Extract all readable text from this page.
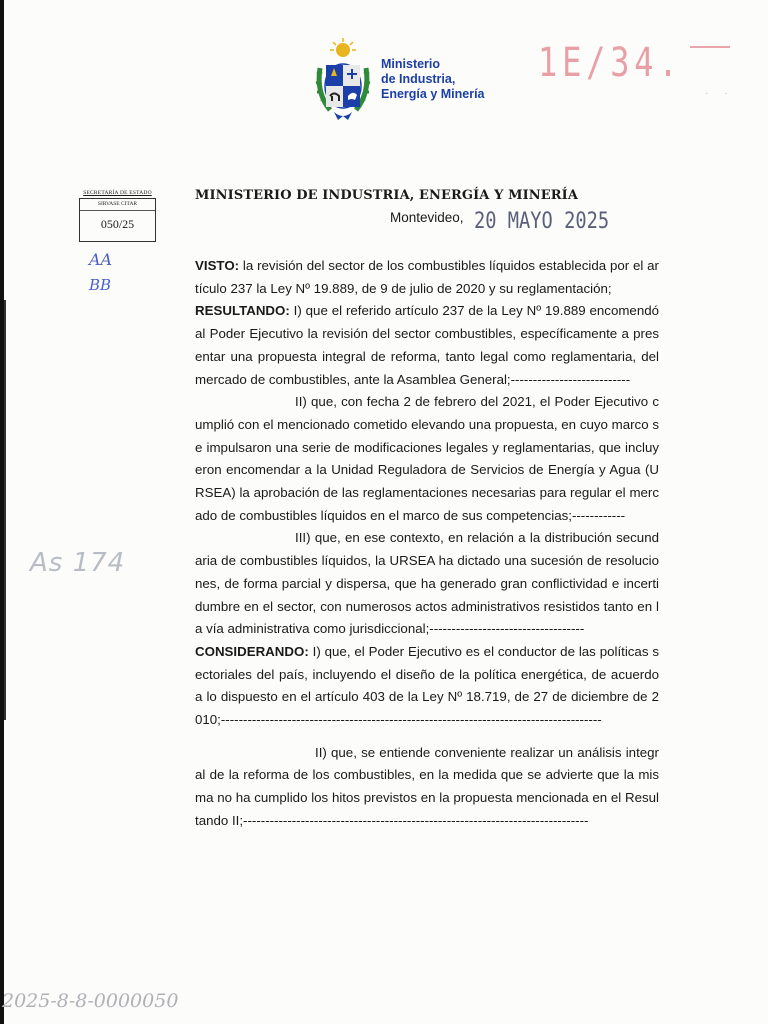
Ministerio
de Industria,
Energía y Minería
1E/34.
··
SECRETARÍA DE ESTADO
SIRVASE CITAR
050/25
AA
BB
As 174
2025-8-8-0000050
MINISTERIO DE INDUSTRIA, ENERGÍA Y MINERÍA
Montevideo, 20 MAYO 2025

VISTO: la revisión del sector de los combustibles líquidos establecida por el artículo 237 la Ley Nº 19.889, de 9 de julio de 2020 y su reglamentación;

RESULTANDO: I) que el referido artículo 237 de la Ley Nº 19.889 encomendó al Poder Ejecutivo la revisión del sector combustibles, específicamente a presentar una propuesta integral de reforma, tanto legal como reglamentaria, del mercado de combustibles, ante la Asamblea General;---------------------------

II) que, con fecha 2 de febrero del 2021, el Poder Ejecutivo cumplió con el mencionado cometido elevando una propuesta, en cuyo marco se impulsaron una serie de modificaciones legales y reglamentarias, que incluyeron encomendar a la Unidad Reguladora de Servicios de Energía y Agua (URSEA) la aprobación de las reglamentaciones necesarias para regular el mercado de combustibles líquidos en el marco de sus competencias;------------

III) que, en ese contexto, en relación a la distribución secundaria de combustibles líquidos, la URSEA ha dictado una sucesión de resoluciones, de forma parcial y dispersa, que ha generado gran conflictividad e incertidumbre en el sector, con numerosos actos administrativos resistidos tanto en la vía administrativa como jurisdiccional;-----------------------------------

CONSIDERANDO: I) que, el Poder Ejecutivo es el conductor de las políticas sectoriales del país, incluyendo el diseño de la política energética, de acuerdo a lo dispuesto en el artículo 403 de la Ley Nº 18.719, de 27 de diciembre de 2010;--------------------------------------------------------------------------------------

II) que, se entiende conveniente realizar un análisis integral de la reforma de los combustibles, en la medida que se advierte que la misma no ha cumplido los hitos previstos en la propuesta mencionada en el Resultando II;------------------------------------------------------------------------------
